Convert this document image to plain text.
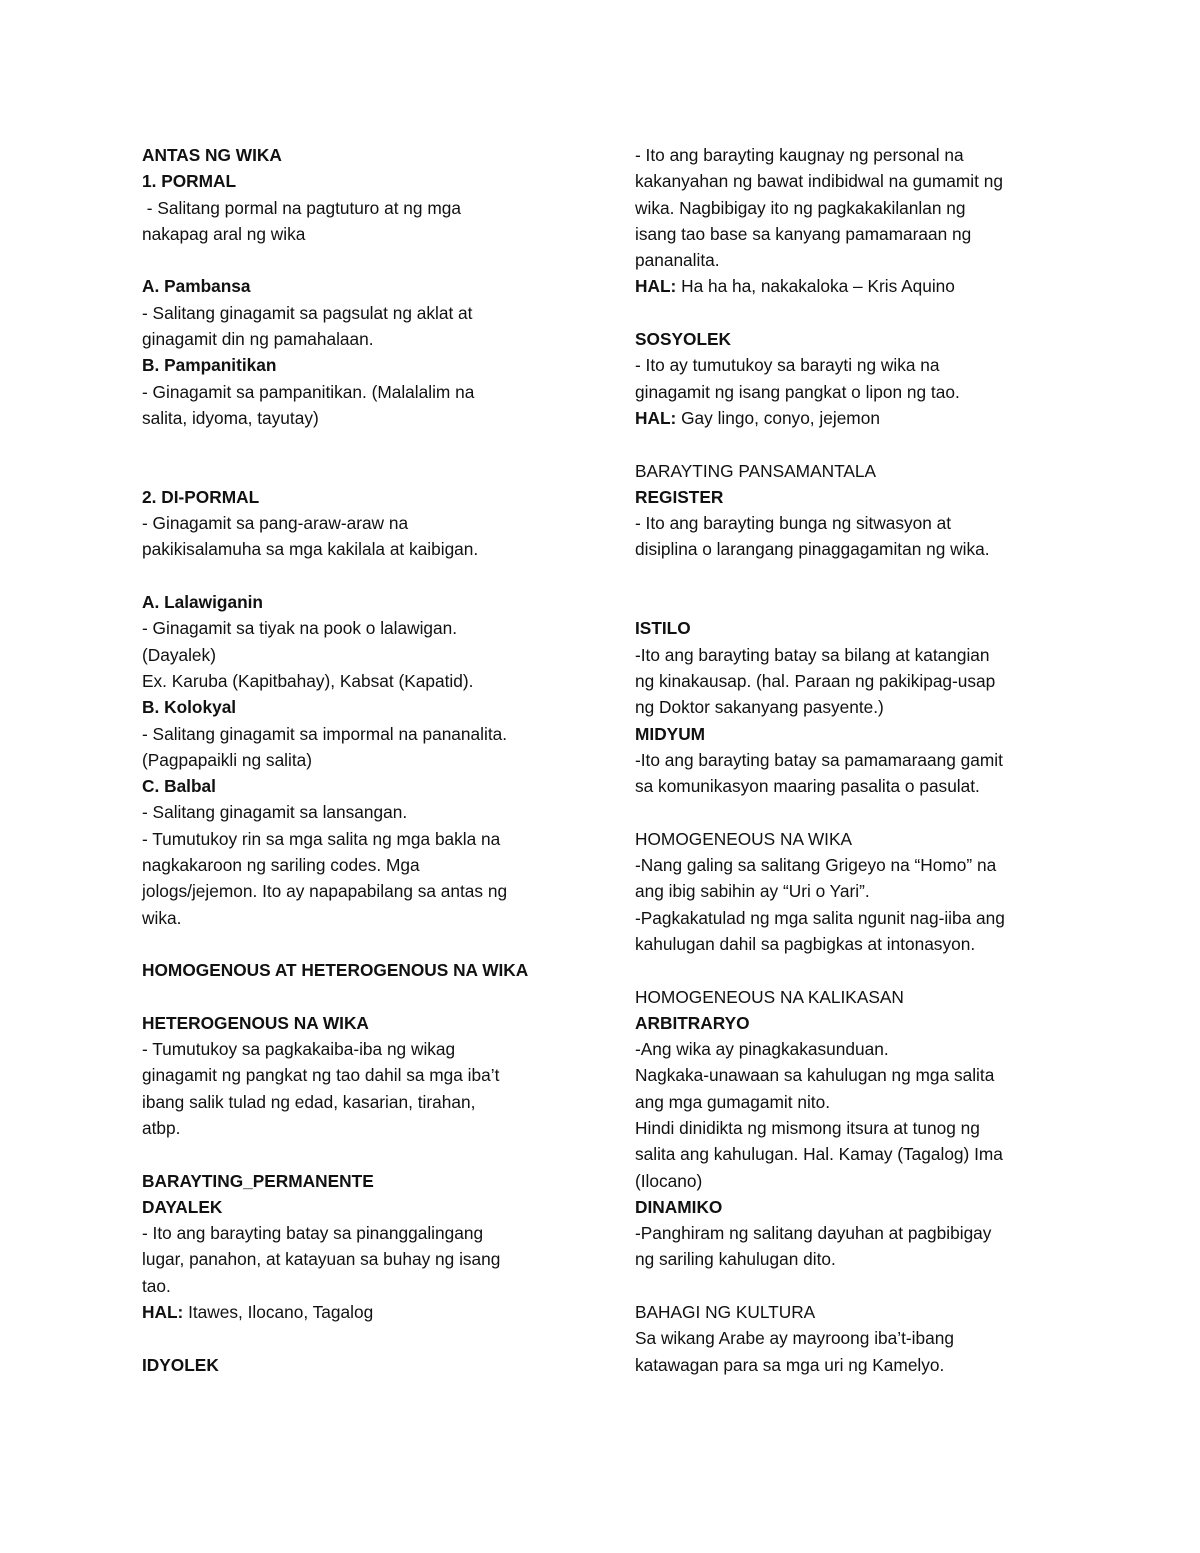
ANTAS NG WIKA
1. PORMAL
- Salitang pormal na pagtuturo at ng mga
nakapag aral ng wika
A. Pambansa
- Salitang ginagamit sa pagsulat ng aklat at
ginagamit din ng pamahalaan.
B. Pampanitikan
- Ginagamit sa pampanitikan. (Malalalim na
salita, idyoma, tayutay)
2. DI-PORMAL
- Ginagamit sa pang-araw-araw na
pakikisalamuha sa mga kakilala at kaibigan.
A. Lalawiganin
- Ginagamit sa tiyak na pook o lalawigan.
(Dayalek)
Ex. Karuba (Kapitbahay), Kabsat (Kapatid).
B. Kolokyal
- Salitang ginagamit sa impormal na pananalita.
(Pagpapaikli ng salita)
C. Balbal
- Salitang ginagamit sa lansangan.
- Tumutukoy rin sa mga salita ng mga bakla na
nagkakaroon ng sariling codes. Mga
jologs/jejemon. Ito ay napapabilang sa antas ng
wika.
HOMOGENOUS AT HETEROGENOUS NA WIKA
HETEROGENOUS NA WIKA
- Tumutukoy sa pagkakaiba-iba ng wikag
ginagamit ng pangkat ng tao dahil sa mga iba’t
ibang salik tulad ng edad, kasarian, tirahan,
atbp.
BARAYTING_PERMANENTE
DAYALEK
- Ito ang barayting batay sa pinanggalingang
lugar, panahon, at katayuan sa buhay ng isang
tao.
HAL: Itawes, Ilocano, Tagalog
IDYOLEK
- Ito ang barayting kaugnay ng personal na
kakanyahan ng bawat indibidwal na gumamit ng
wika. Nagbibigay ito ng pagkakakilanlan ng
isang tao base sa kanyang pamamaraan ng
pananalita.
HAL: Ha ha ha, nakakaloka – Kris Aquino
SOSYOLEK
- Ito ay tumutukoy sa barayti ng wika na
ginagamit ng isang pangkat o lipon ng tao.
HAL: Gay lingo, conyo, jejemon
BARAYTING PANSAMANTALA
REGISTER
- Ito ang barayting bunga ng sitwasyon at
disiplina o larangang pinaggagamitan ng wika.
ISTILO
-Ito ang barayting batay sa bilang at katangian
ng kinakausap. (hal. Paraan ng pakikipag-usap
ng Doktor sakanyang pasyente.)
MIDYUM
-Ito ang barayting batay sa pamamaraang gamit
sa komunikasyon maaring pasalita o pasulat.
HOMOGENEOUS NA WIKA
-Nang galing sa salitang Grigeyo na “Homo” na
ang ibig sabihin ay “Uri o Yari”.
-Pagkakatulad ng mga salita ngunit nag-iiba ang
kahulugan dahil sa pagbigkas at intonasyon.
HOMOGENEOUS NA KALIKASAN
ARBITRARYO
-Ang wika ay pinagkakasunduan.
Nagkaka-unawaan sa kahulugan ng mga salita
ang mga gumagamit nito.
Hindi dinidikta ng mismong itsura at tunog ng
salita ang kahulugan. Hal. Kamay (Tagalog) Ima
(Ilocano)
DINAMIKO
-Panghiram ng salitang dayuhan at pagbibigay
ng sariling kahulugan dito.
BAHAGI NG KULTURA
Sa wikang Arabe ay mayroong iba’t-ibang
katawagan para sa mga uri ng Kamelyo.
